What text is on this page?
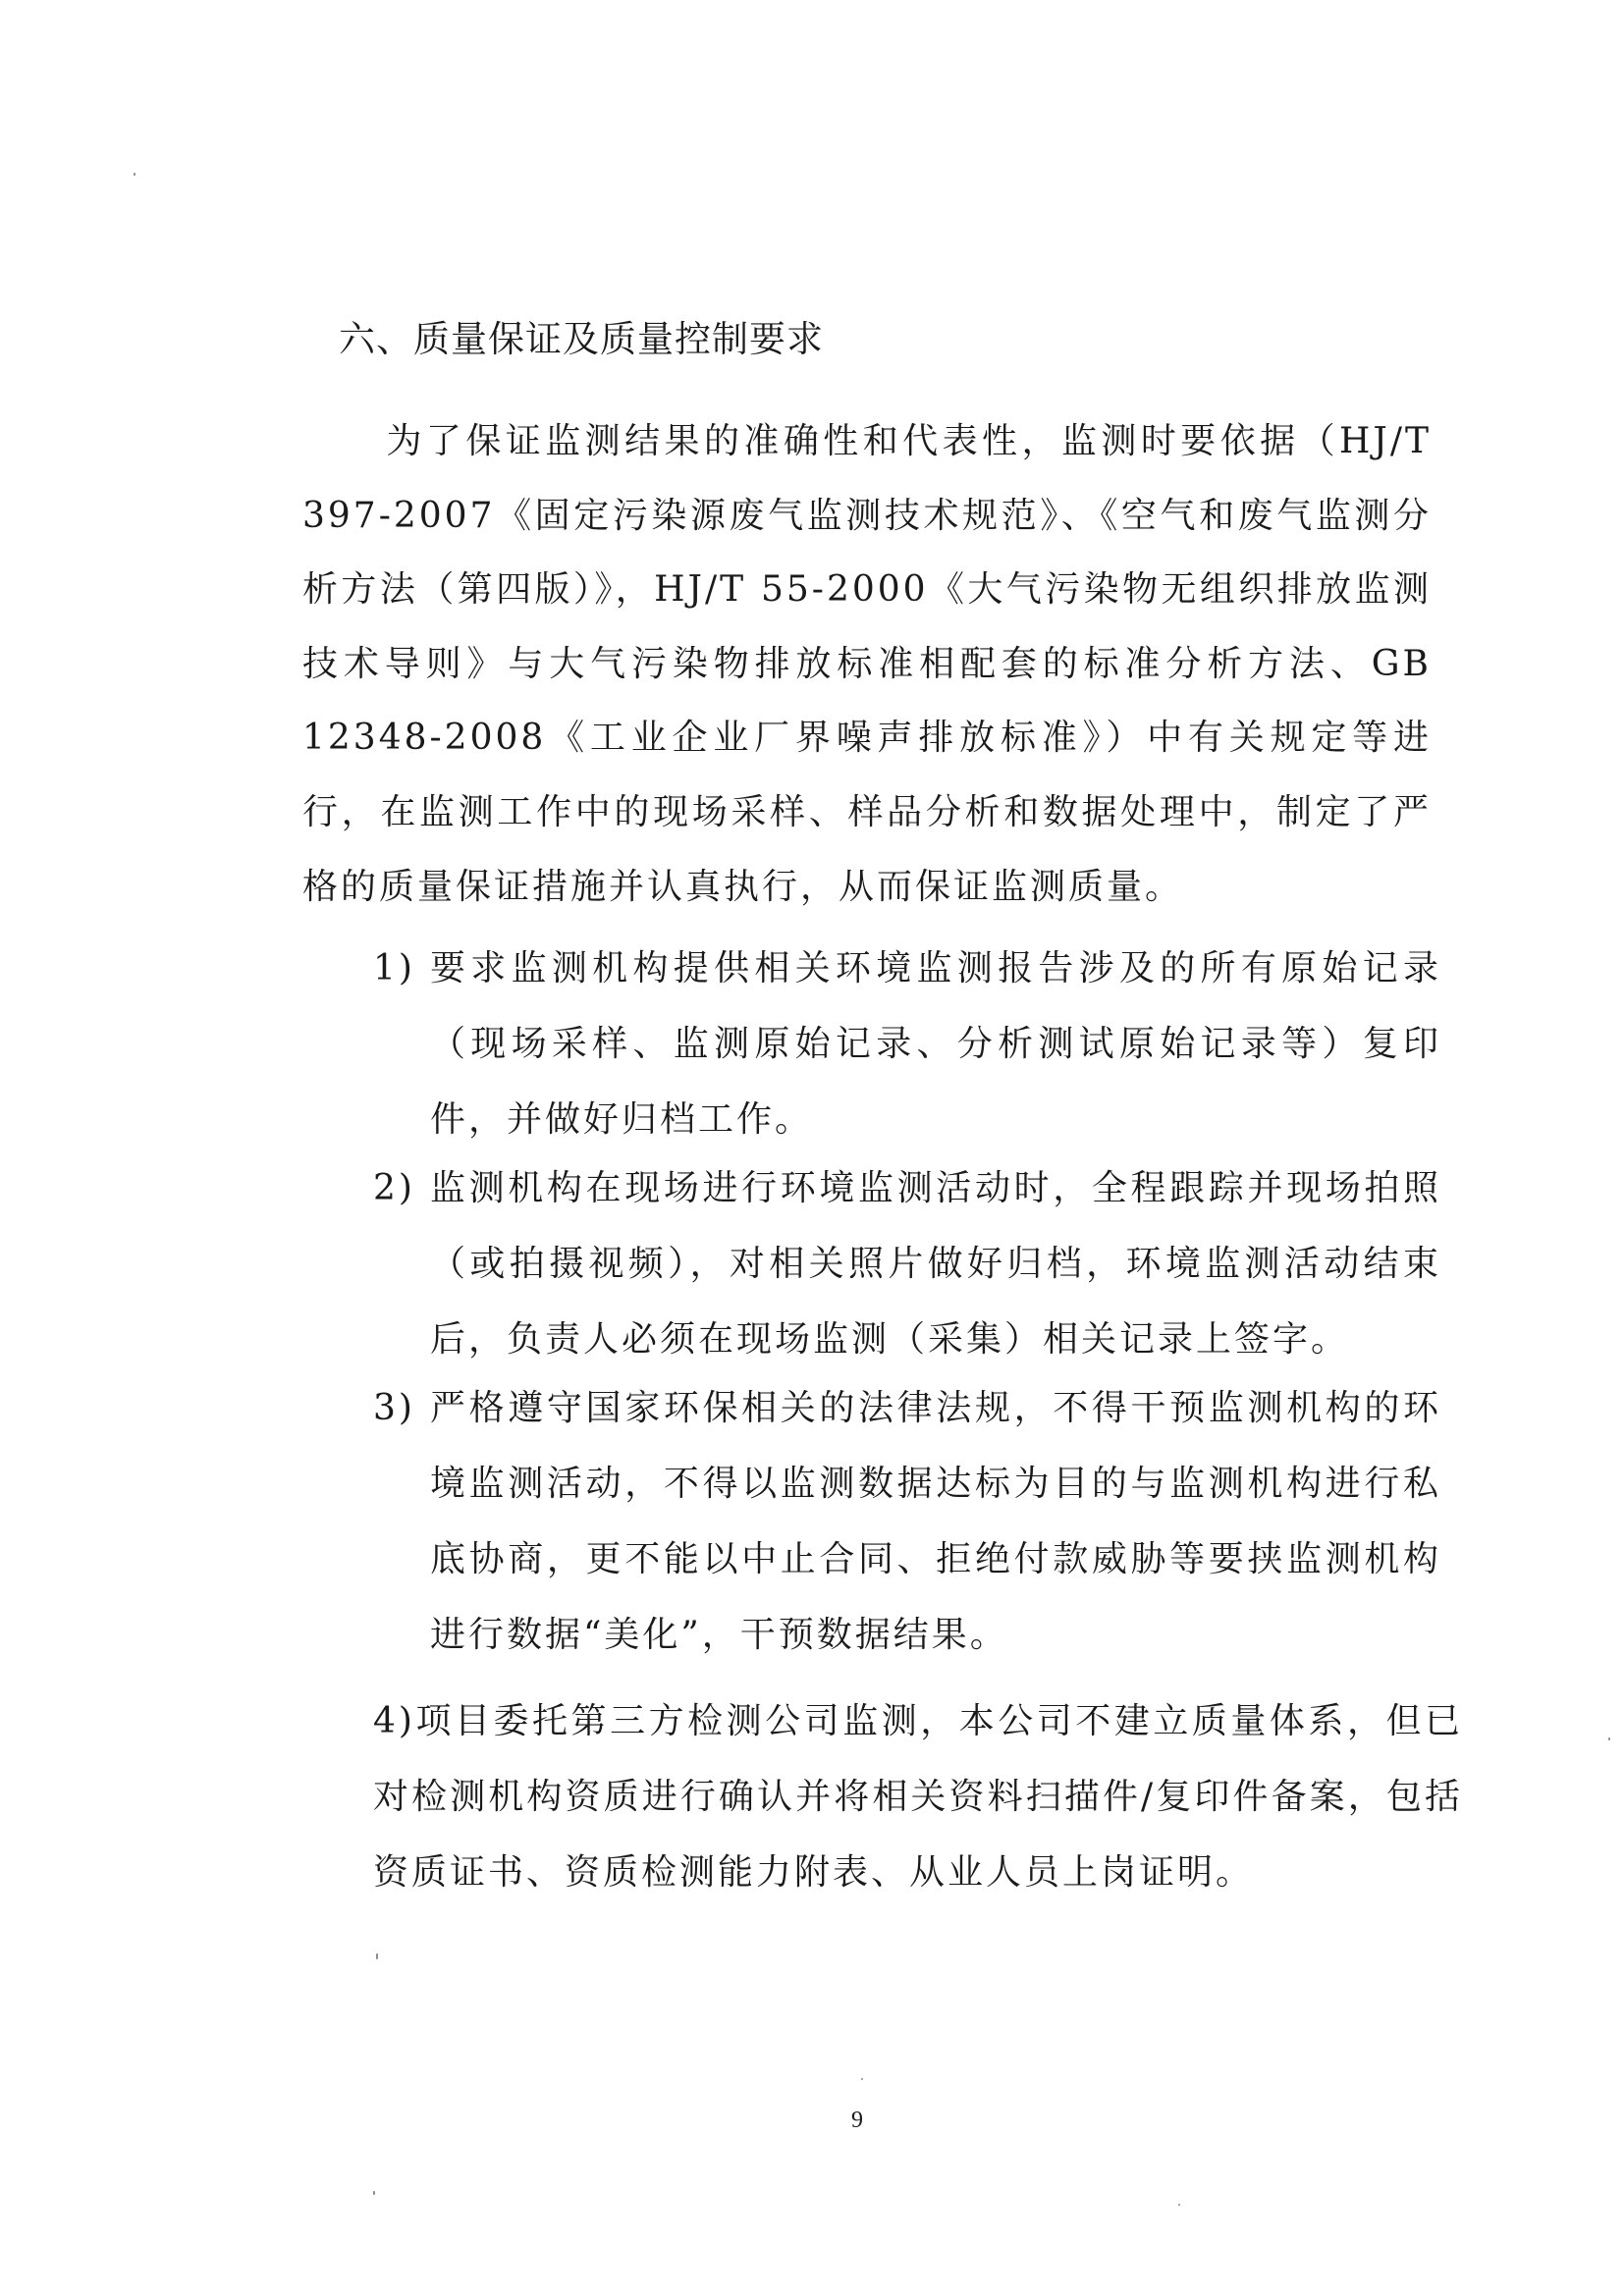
六、质量保证及质量控制要求
为了保证监测结果的准确性和代表性，监测时要依据（HJ/T 397-2007《固定污染源废气监测技术规范》、《空气和废气监测分析方法（第四版）》，HJ/T 55-2000《大气污染物无组织排放监测技术导则》与大气污染物排放标准相配套的标准分析方法、GB 12348-2008《工业企业厂界噪声排放标准》）中有关规定等进行，在监测工作中的现场采样、样品分析和数据处理中，制定了严格的质量保证措施并认真执行，从而保证监测质量。
1) 要求监测机构提供相关环境监测报告涉及的所有原始记录（现场采样、监测原始记录、分析测试原始记录等）复印件，并做好归档工作。
2) 监测机构在现场进行环境监测活动时，全程跟踪并现场拍照（或拍摄视频），对相关照片做好归档，环境监测活动结束后，负责人必须在现场监测（采集）相关记录上签字。
3) 严格遵守国家环保相关的法律法规，不得干预监测机构的环境监测活动，不得以监测数据达标为目的与监测机构进行私底协商，更不能以中止合同、拒绝付款威胁等要挟监测机构进行数据“美化”，干预数据结果。
4)项目委托第三方检测公司监测，本公司不建立质量体系，但已对检测机构资质进行确认并将相关资料扫描件/复印件备案，包括资质证书、资质检测能力附表、从业人员上岗证明。
9
